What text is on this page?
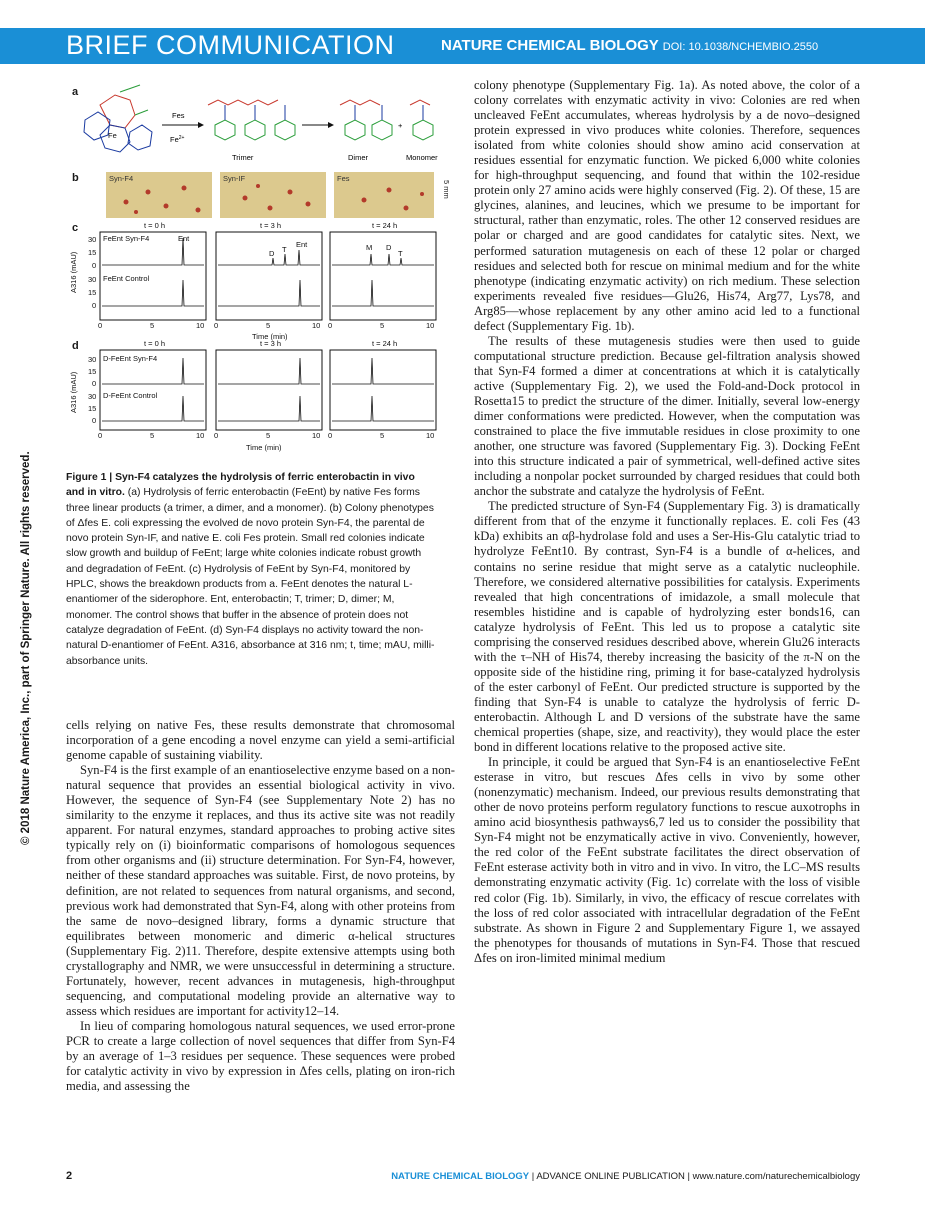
BRIEF COMMUNICATION	NATURE CHEMICAL BIOLOGY DOI: 10.1038/NCHEMBIO.2550
© 2018 Nature America, Inc., part of Springer Nature. All rights reserved.
a
Fe
Fes
$Fe^{2+}$
+
Trimer	Dimer	Monomer
b	Syn-F4	Syn-IF	Fes
5 mm
c
d
t = 0 h	t = 3 h	t = 24 h
FeEnt Syn-F4
FeEnt Control
Ent
D T
Ent	M D
T
30
15
0
30
15
0
0	5	10 0	5	10 0	5	10
Time (min)
A316 (mAU)
t = 0 h	t = 3 h	t = 24 h
D-FeEnt Syn-F4
D-FeEnt Control
30
15
0
30
15
0
0	5	10 0	5	10 0	5	10
Time (min)
A316 (mAU)
Figure 1 | Syn-F4 catalyzes the hydrolysis of ferric enterobactin in vivo and in vitro. (a) Hydrolysis of ferric enterobactin (FeEnt) by native Fes forms three linear products (a trimer, a dimer, and a monomer). (b) Colony phenotypes of Δfes E. coli expressing the evolved de novo protein Syn-F4, the parental de novo protein Syn-IF, and native E. coli Fes protein. Small red colonies indicate slow growth and buildup of FeEnt; large white colonies indicate robust growth and degradation of FeEnt. (c) Hydrolysis of FeEnt by Syn-F4, monitored by HPLC, shows the breakdown products from a. FeEnt denotes the natural L-enantiomer of the siderophore. Ent, enterobactin; T, trimer; D, dimer; M, monomer. The control shows that buffer in the absence of protein does not catalyze degradation of FeEnt. (d) Syn-F4 displays no activity toward the non-natural D-enantiomer of FeEnt. A316, absorbance at 316 nm; t, time; mAU, milli-absorbance units.

cells relying on native Fes, these results demonstrate that chromosomal incorporation of a gene encoding a novel enzyme can yield a semi-artificial genome capable of sustaining viability.

Syn-F4 is the first example of an enantioselective enzyme based on a non-natural sequence that provides an essential biological activity in vivo. However, the sequence of Syn-F4 (see Supplementary Note 2) has no similarity to the enzyme it replaces, and thus its active site was not readily apparent. For natural enzymes, standard approaches to probing active sites typically rely on (i) bioinformatic comparisons of homologous sequences from other organisms and (ii) structure determination. For Syn-F4, however, neither of these standard approaches was suitable. First, de novo proteins, by definition, are not related to sequences from natural organisms, and second, previous work had demonstrated that Syn-F4, along with other proteins from the same de novo–designed library, forms a dynamic structure that equilibrates between monomeric and dimeric α-helical structures (Supplementary Fig. 2)11. Therefore, despite extensive attempts using both crystallography and NMR, we were unsuccessful in determining a structure. Fortunately, however, recent advances in mutagenesis, high-throughput sequencing, and computational modeling provide an alternative way to assess which residues are important for activity12–14.

In lieu of comparing homologous natural sequences, we used error-prone PCR to create a large collection of novel sequences that differ from Syn-F4 by an average of 1–3 residues per sequence. These sequences were probed for catalytic activity in vivo by expression in Δfes cells, plating on iron-rich media, and assessing the

colony phenotype (Supplementary Fig. 1a). As noted above, the color of a colony correlates with enzymatic activity in vivo: Colonies are red when uncleaved FeEnt accumulates, whereas hydrolysis by a de novo–designed protein expressed in vivo produces white colonies. Therefore, sequences isolated from white colonies should show amino acid conservation at residues essential for enzymatic function. We picked 6,000 white colonies for high-throughput sequencing, and found that within the 102-residue protein only 27 amino acids were highly conserved (Fig. 2). Of these, 15 are glycines, alanines, and leucines, which we presume to be important for structural, rather than enzymatic, roles. The other 12 conserved residues are polar or charged and are good candidates for catalytic sites. Next, we performed saturation mutagenesis on each of these 12 polar or charged residues and selected both for rescue on minimal medium and for the white phenotype (indicating enzymatic activity) on rich medium. These selection experiments revealed five residues—Glu26, His74, Arg77, Lys78, and Arg85—whose replacement by any other amino acid led to a functional defect (Supplementary Fig. 1b).

The results of these mutagenesis studies were then used to guide computational structure prediction. Because gel-filtration analysis showed that Syn-F4 formed a dimer at concentrations at which it is catalytically active (Supplementary Fig. 2), we used the Fold-and-Dock protocol in Rosetta15 to predict the structure of the dimer. Initially, several low-energy dimer conformations were predicted. However, when the computation was constrained to place the five immutable residues in close proximity to one another, one structure was favored (Supplementary Fig. 3). Docking FeEnt into this structure indicated a pair of symmetrical, well-defined active sites including a nonpolar pocket surrounded by charged residues that could both anchor the substrate and catalyze the hydrolysis of FeEnt.

The predicted structure of Syn-F4 (Supplementary Fig. 3) is dramatically different from that of the enzyme it functionally replaces. E. coli Fes (43 kDa) exhibits an αβ-hydrolase fold and uses a Ser-His-Glu catalytic triad to hydrolyze FeEnt10. By contrast, Syn-F4 is a bundle of α-helices, and contains no serine residue that might serve as a catalytic nucleophile. Therefore, we considered alternative possibilities for catalysis. Experiments revealed that high concentrations of imidazole, a small molecule that resembles histidine and is capable of hydrolyzing ester bonds16, can catalyze hydrolysis of FeEnt. This led us to propose a catalytic site comprising the conserved residues described above, wherein Glu26 interacts with the τ–NH of His74, thereby increasing the basicity of the π-N on the opposite side of the histidine ring, priming it for base-catalyzed hydrolysis of the ester carbonyl of FeEnt. Our predicted structure is supported by the finding that Syn-F4 is unable to catalyze the hydrolysis of ferric D-enterobactin. Although L and D versions of the substrate have the same chemical properties (shape, size, and reactivity), they would place the ester bond in different locations relative to the proposed active site.

In principle, it could be argued that Syn-F4 is an enantioselective FeEnt esterase in vitro, but rescues Δfes cells in vivo by some other (nonenzymatic) mechanism. Indeed, our previous results demonstrating that other de novo proteins perform regulatory functions to rescue auxotrophs in amino acid biosynthesis pathways6,7 led us to consider the possibility that Syn-F4 might not be enzymatically active in vivo. Conveniently, however, the red color of the FeEnt substrate facilitates the direct observation of FeEnt esterase activity both in vitro and in vivo. In vitro, the LC–MS results demonstrating enzymatic activity (Fig. 1c) correlate with the loss of visible red color (Fig. 1b). Similarly, in vivo, the efficacy of rescue correlates with the loss of red color associated with intracellular degradation of the FeEnt substrate. As shown in Figure 2 and Supplementary Figure 1, we assayed the phenotypes for thousands of mutations in Syn-F4. Those that rescued Δfes on iron-limited minimal medium

2	NATURE CHEMICAL BIOLOGY | ADVANCE ONLINE PUBLICATION | www.nature.com/naturechemicalbiology
